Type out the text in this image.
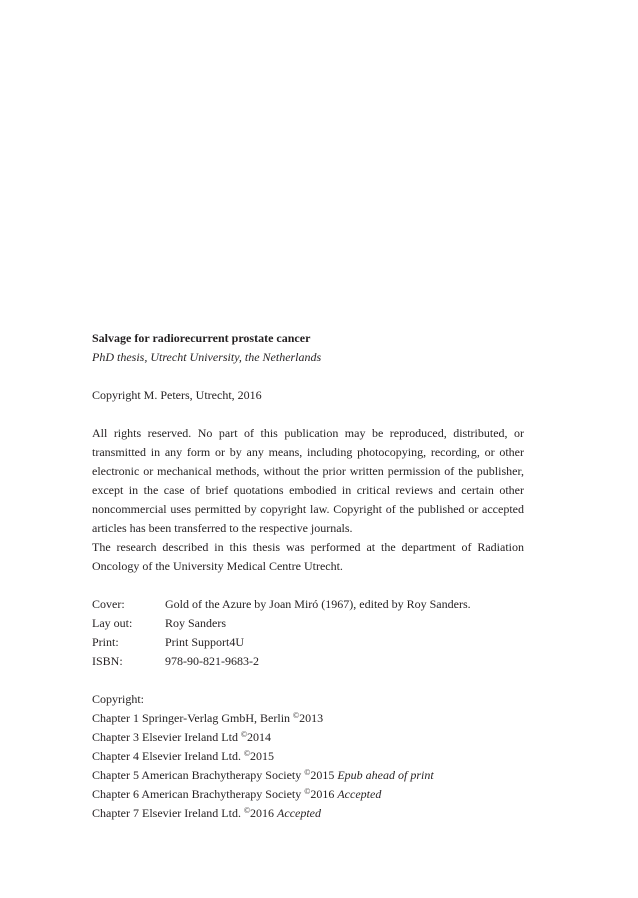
Salvage for radiorecurrent prostate cancer

PhD thesis, Utrecht University, the Netherlands

Copyright M. Peters, Utrecht, 2016

All rights reserved. No part of this publication may be reproduced, distributed, or transmitted in any form or by any means, including photocopying, recording, or other electronic or mechanical methods, without the prior written permission of the publisher, except in the case of brief quotations embodied in critical reviews and certain other noncommercial uses permitted by copyright law. Copyright of the published or accepted articles has been transferred to the respective journals.

The research described in this thesis was performed at the department of Radiation Oncology of the University Medical Centre Utrecht.

Cover:	Gold of the Azure by Joan Miró (1967), edited by Roy Sanders.
Lay out:	Roy Sanders
Print:	Print Support4U
ISBN:	978-90-821-9683-2
Copyright:
Chapter 1 Springer-Verlag GmbH, Berlin ©2013
Chapter 3 Elsevier Ireland Ltd ©2014
Chapter 4 Elsevier Ireland Ltd. ©2015
Chapter 5 American Brachytherapy Society ©2015 Epub ahead of print
Chapter 6 American Brachytherapy Society ©2016 Accepted
Chapter 7 Elsevier Ireland Ltd. ©2016 Accepted
